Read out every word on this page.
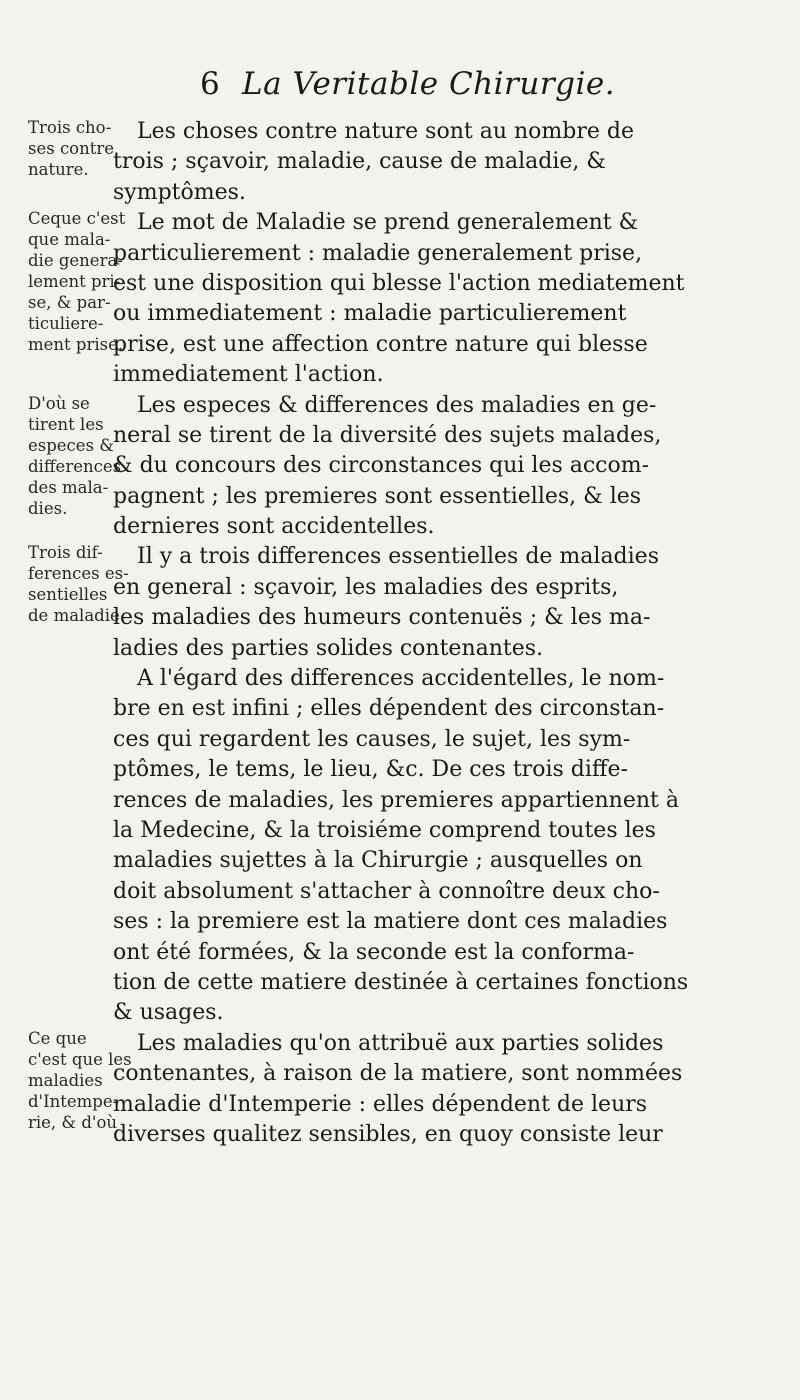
6 La Veritable Chirurgie.
Trois cho-
ses contre
nature.
Ceque c'est
que mala-
die genera-
lement pri-
se, & par-
ticuliere-
ment prise.
D'où se
tirent les
especes &
differences
des mala-
dies.
Trois dif-
ferences es-
sentielles
de maladie.
Ce que
c'est que les
maladies
d'Intempe-
rie, & d'où
Les choses contre nature sont au nombre de
trois ; sçavoir, maladie, cause de maladie, &
symptômes.
Le mot de Maladie se prend generalement &
particulierement : maladie generalement prise,
est une disposition qui blesse l'action mediatement
ou immediatement : maladie particulierement
prise, est une affection contre nature qui blesse
immediatement l'action.
Les especes & differences des maladies en ge-
neral se tirent de la diversité des sujets malades,
& du concours des circonstances qui les accom-
pagnent ; les premieres sont essentielles, & les
dernieres sont accidentelles.
Il y a trois differences essentielles de maladies
en general : sçavoir, les maladies des esprits,
les maladies des humeurs contenuës ; & les ma-
ladies des parties solides contenantes.
A l'égard des differences accidentelles, le nom-
bre en est infini ; elles dépendent des circonstan-
ces qui regardent les causes, le sujet, les sym-
ptômes, le tems, le lieu, &c. De ces trois diffe-
rences de maladies, les premieres appartiennent à
la Medecine, & la troisiéme comprend toutes les
maladies sujettes à la Chirurgie ; ausquelles on
doit absolument s'attacher à connoître deux cho-
ses : la premiere est la matiere dont ces maladies
ont été formées, & la seconde est la conforma-
tion de cette matiere destinée à certaines fonctions
& usages.
Les maladies qu'on attribuë aux parties solides
contenantes, à raison de la matiere, sont nommées
maladie d'Intemperie : elles dépendent de leurs
diverses qualitez sensibles, en quoy consiste leur
